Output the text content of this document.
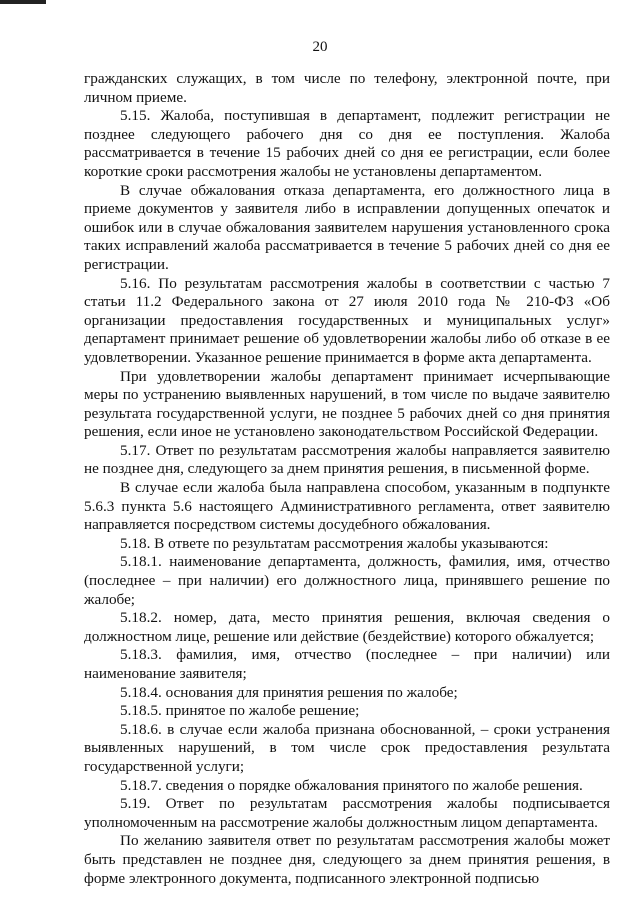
20

гражданских служащих, в том числе по телефону, электронной почте, при личном приеме.

5.15. Жалоба, поступившая в департамент, подлежит регистрации не позднее следующего рабочего дня со дня ее поступления. Жалоба рассматривается в течение 15 рабочих дней со дня ее регистрации, если более короткие сроки рассмотрения жалобы не установлены департаментом.

В случае обжалования отказа департамента, его должностного лица в приеме документов у заявителя либо в исправлении допущенных опечаток и ошибок или в случае обжалования заявителем нарушения установленного срока таких исправлений жалоба рассматривается в течение 5 рабочих дней со дня ее регистрации.

5.16. По результатам рассмотрения жалобы в соответствии с частью 7 статьи 11.2 Федерального закона от 27 июля 2010 года № 210-ФЗ «Об организации предоставления государственных и муниципальных услуг» департамент принимает решение об удовлетворении жалобы либо об отказе в ее удовлетворении. Указанное решение принимается в форме акта департамента.

При удовлетворении жалобы департамент принимает исчерпывающие меры по устранению выявленных нарушений, в том числе по выдаче заявителю результата государственной услуги, не позднее 5 рабочих дней со дня принятия решения, если иное не установлено законодательством Российской Федерации.

5.17. Ответ по результатам рассмотрения жалобы направляется заявителю не позднее дня, следующего за днем принятия решения, в письменной форме.

В случае если жалоба была направлена способом, указанным в подпункте 5.6.3 пункта 5.6 настоящего Административного регламента, ответ заявителю направляется посредством системы досудебного обжалования.

5.18. В ответе по результатам рассмотрения жалобы указываются:

5.18.1. наименование департамента, должность, фамилия, имя, отчество (последнее – при наличии) его должностного лица, принявшего решение по жалобе;

5.18.2. номер, дата, место принятия решения, включая сведения о должностном лице, решение или действие (бездействие) которого обжалуется;

5.18.3. фамилия, имя, отчество (последнее – при наличии) или наименование заявителя;

5.18.4. основания для принятия решения по жалобе;

5.18.5. принятое по жалобе решение;

5.18.6. в случае если жалоба признана обоснованной, – сроки устранения выявленных нарушений, в том числе срок предоставления результата государственной услуги;

5.18.7. сведения о порядке обжалования принятого по жалобе решения.

5.19. Ответ по результатам рассмотрения жалобы подписывается уполномоченным на рассмотрение жалобы должностным лицом департамента.

По желанию заявителя ответ по результатам рассмотрения жалобы может быть представлен не позднее дня, следующего за днем принятия решения, в форме электронного документа, подписанного электронной подписью
